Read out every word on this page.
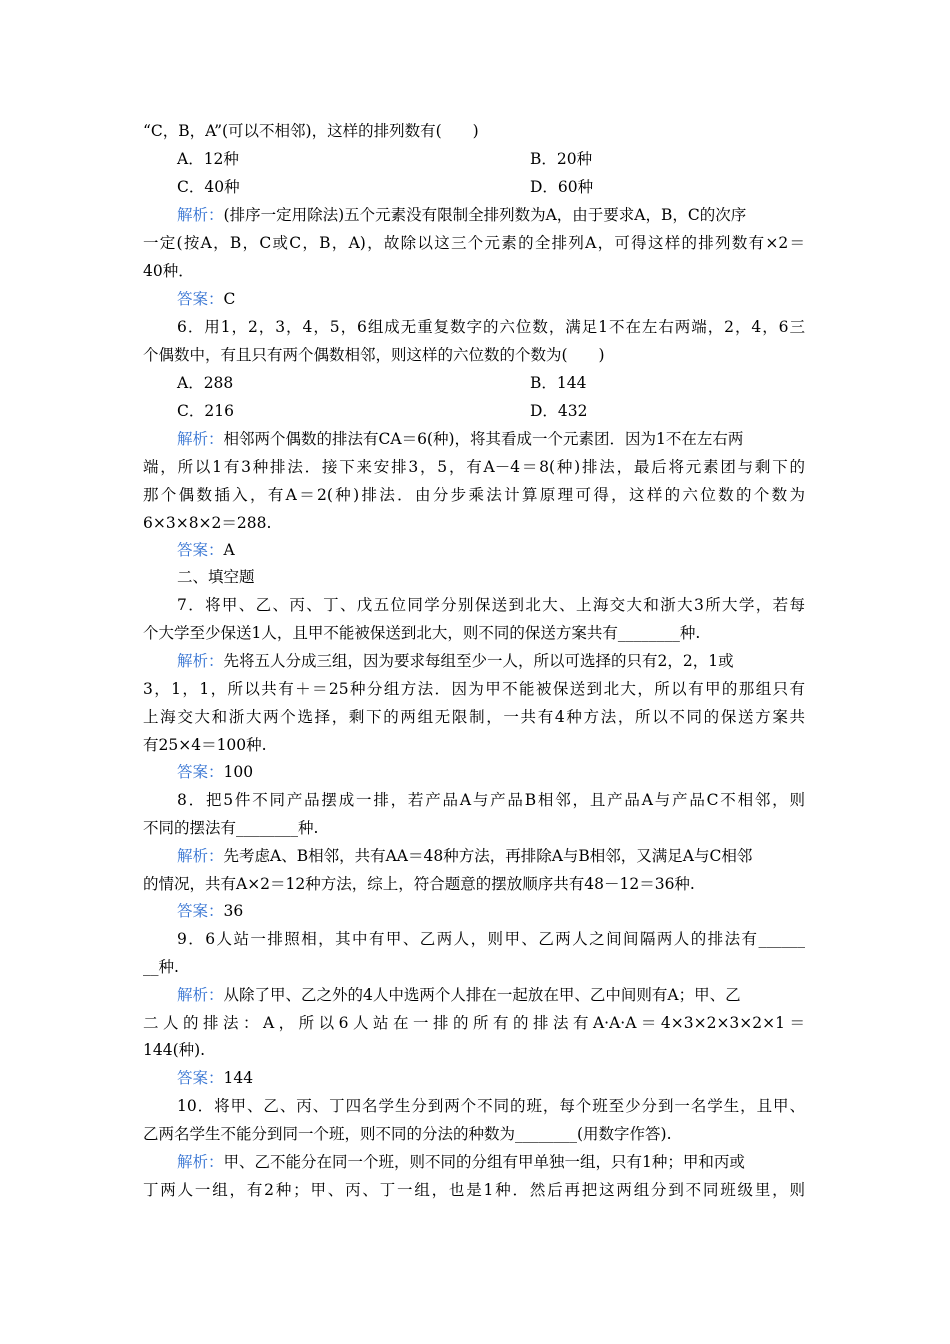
“C，B，A”(可以不相邻)，这样的排列数有(　　)
A．12种	B．20种
C．40种	D．60种
解析：(排序一定用除法)五个元素没有限制全排列数为A，由于要求A，B，C的次序
一定(按A，B，C或C，B，A)，故除以这三个元素的全排列A，可得这样的排列数有×2＝
40种．
答案：C
6．用1，2，3，4，5，6组成无重复数字的六位数，满足1不在左右两端，2，4，6三
个偶数中，有且只有两个偶数相邻，则这样的六位数的个数为(　　)
A．288	B．144
C．216	D．432
解析：相邻两个偶数的排法有CA＝6(种)，将其看成一个元素团．因为1不在左右两
端，所以1有3种排法．接下来安排3，5，有A－4＝8(种)排法，最后将元素团与剩下的
那个偶数插入，有A＝2(种)排法．由分步乘法计算原理可得，这样的六位数的个数为
6×3×8×2＝288.
答案：A
二、填空题
7．将甲、乙、丙、丁、戊五位同学分别保送到北大、上海交大和浙大3所大学，若每
个大学至少保送1人，且甲不能被保送到北大，则不同的保送方案共有________种.
解析：先将五人分成三组，因为要求每组至少一人，所以可选择的只有2，2，1或
3，1，1，所以共有＋＝25种分组方法．因为甲不能被保送到北大，所以有甲的那组只有
上海交大和浙大两个选择，剩下的两组无限制，一共有4种方法，所以不同的保送方案共
有25×4＝100种.
答案：100
8．把5件不同产品摆成一排，若产品A与产品B相邻，且产品A与产品C不相邻，则
不同的摆法有________种.
解析：先考虑A、B相邻，共有AA＝48种方法，再排除A与B相邻，又满足A与C相邻
的情况，共有A×2＝12种方法，综上，符合题意的摆放顺序共有48－12＝36种.
答案：36
9．6人站一排照相，其中有甲、乙两人，则甲、乙两人之间间隔两人的排法有______
__种.
解析：从除了甲、乙之外的4人中选两个人排在一起放在甲、乙中间则有A；甲、乙
二人的排法：A，所以6人站在一排的所有的排法有A·A·A＝4×3×2×3×2×1＝
144(种).
答案：144
10．将甲、乙、丙、丁四名学生分到两个不同的班，每个班至少分到一名学生，且甲、
乙两名学生不能分到同一个班，则不同的分法的种数为________(用数字作答).
解析：甲、乙不能分在同一个班，则不同的分组有甲单独一组，只有1种；甲和丙或
丁两人一组，有2种；甲、丙、丁一组，也是1种．然后再把这两组分到不同班级里，则
